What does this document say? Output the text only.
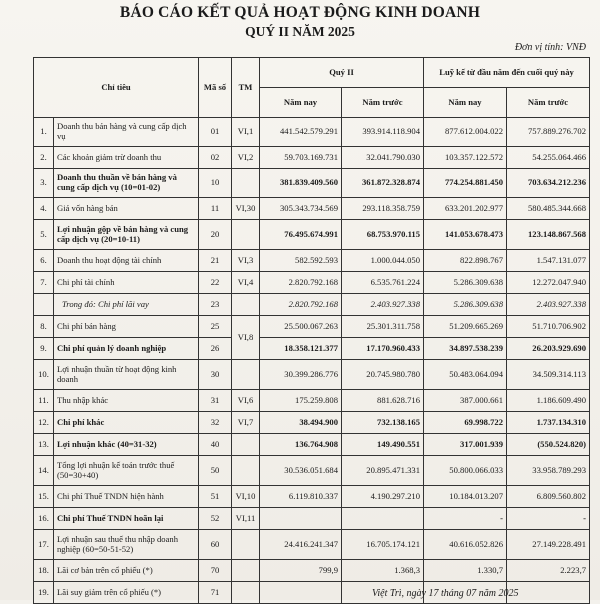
BÁO CÁO KẾT QUẢ HOẠT ĐỘNG KINH DOANH
QUÝ II NĂM 2025
Đơn vị tính: VNĐ
Chỉ tiêu		Mã số	TM	Quý II		Luỹ kế từ đầu năm đến cuối quý này	
				Năm nay	Năm trước	Năm nay	Năm trước
1.	Doanh thu bán hàng và cung cấp dịch vụ	01	VI,1	441.542.579.291	393.914.118.904	877.612.004.022	757.889.276.702
2.	Các khoản giảm trừ doanh thu	02	VI,2	59.703.169.731	32.041.790.030	103.357.122.572	54.255.064.466
3.	Doanh thu thuần về bán hàng và cung cấp dịch vụ (10=01-02)	10		381.839.409.560	361.872.328.874	774.254.881.450	703.634.212.236
4.	Giá vốn hàng bán	11	VI,30	305.343.734.569	293.118.358.759	633.201.202.977	580.485.344.668
5.	Lợi nhuận gộp về bán hàng và cung cấp dịch vụ (20=10-11)	20		76.495.674.991	68.753.970.115	141.053.678.473	123.148.867.568
6.	Doanh thu hoạt động tài chính	21	VI,3	582.592.593	1.000.044.050	822.898.767	1.547.131.077
7.	Chi phí tài chính	22	VI,4	2.820.792.168	6.535.761.224	5.286.309.638	12.272.047.940
	Trong đó: Chi phí lãi vay	23		2.820.792.168	2.403.927.338	5.286.309.638	2.403.927.338
8.	Chi phí bán hàng	25	VI,8	25.500.067.263	25.301.311.758	51.209.665.269	51.710.706.902
9.	Chi phí quản lý doanh nghiệp	26		18.358.121.377	17.170.960.433	34.897.538.239	26.203.929.690
10.	Lợi nhuận thuần từ hoạt động kinh doanh	30		30.399.286.776	20.745.980.780	50.483.064.094	34.509.314.113
11.	Thu nhập khác	31	VI,6	175.259.808	881.628.716	387.000.661	1.186.609.490
12.	Chi phí khác	32	VI,7	38.494.900	732.138.165	69.998.722	1.737.134.310
13.	Lợi nhuận khác (40=31-32)	40		136.764.908	149.490.551	317.001.939	(550.524.820)
14.	Tổng lợi nhuận kế toán trước thuế (50=30+40)	50		30.536.051.684	20.895.471.331	50.800.066.033	33.958.789.293
15.	Chi phí Thuế TNDN hiện hành	51	VI,10	6.119.810.337	4.190.297.210	10.184.013.207	6.809.560.802
16.	Chi phí Thuế TNDN hoãn lại	52	VI,11			-	-
17.	Lợi nhuận sau thuế thu nhập doanh nghiệp (60=50-51-52)	60		24.416.241.347	16.705.174.121	40.616.052.826	27.149.228.491
18.	Lãi cơ bản trên cổ phiếu (*)	70		799,9	1.368,3	1.330,7	2.223,7
19.	Lãi suy giảm trên cổ phiếu (*)	71						Việt Trì, ngày 17 tháng 07 năm 2025
